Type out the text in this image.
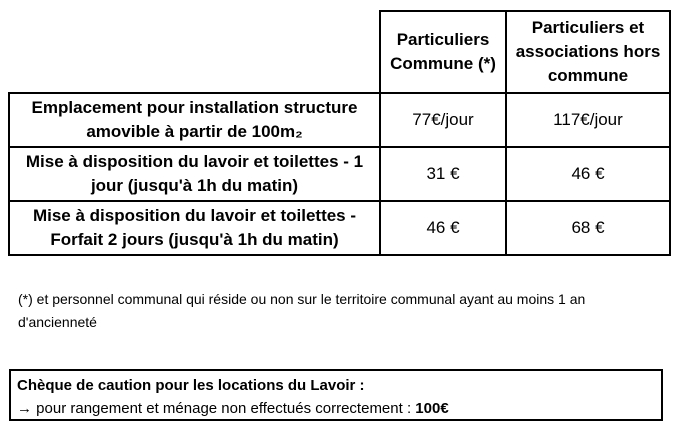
	Particuliers Commune (*)	Particuliers et associations hors commune
Emplacement pour installation structure amovible à partir de 100m₂	77€/jour	117€/jour
Mise à disposition du lavoir et toilettes - 1 jour (jusqu'à 1h du matin)	31 €	46 €
Mise à disposition du lavoir et toilettes - Forfait 2 jours (jusqu'à 1h du matin)	46 €	68 €
(*) et personnel communal qui réside ou non sur le territoire communal ayant au moins 1 an d'ancienneté
Chèque de caution pour les locations du Lavoir :
→ pour rangement et ménage non effectués correctement : 100€
